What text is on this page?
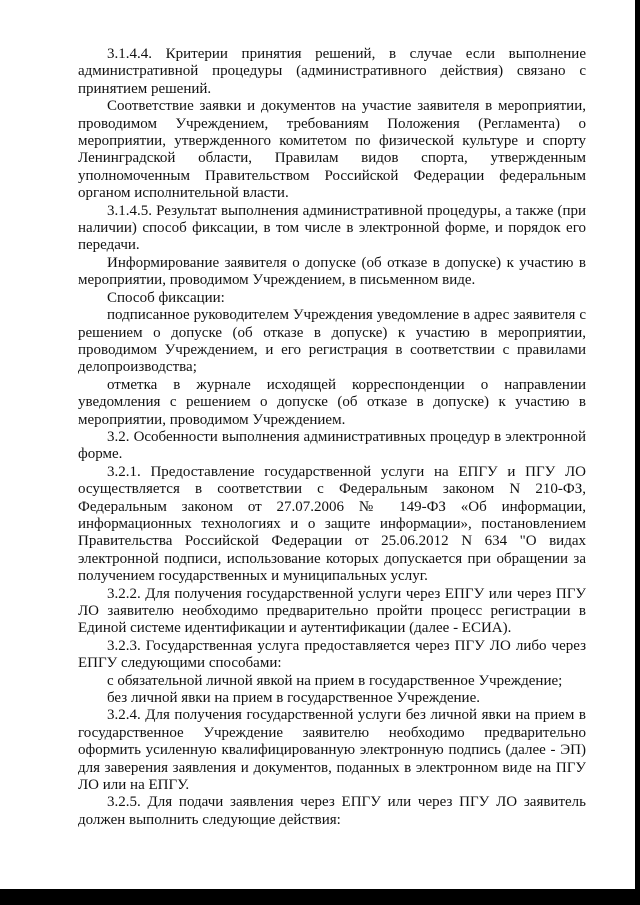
3.1.4.4. Критерии принятия решений, в случае если выполнение административной процедуры (административного действия) связано с принятием решений.

Соответствие заявки и документов на участие заявителя в мероприятии, проводимом Учреждением, требованиям Положения (Регламента) о мероприятии, утвержденного комитетом по физической культуре и спорту Ленинградской области, Правилам видов спорта, утвержденным уполномоченным Правительством Российской Федерации федеральным органом исполнительной власти.

3.1.4.5. Результат выполнения административной процедуры, а также (при наличии) способ фиксации, в том числе в электронной форме, и порядок его передачи.

Информирование заявителя о допуске (об отказе в допуске) к участию в мероприятии, проводимом Учреждением, в письменном виде.

Способ фиксации:

подписанное руководителем Учреждения уведомление в адрес заявителя с решением о допуске (об отказе в допуске) к участию в мероприятии, проводимом Учреждением, и его регистрация в соответствии с правилами делопроизводства;

отметка в журнале исходящей корреспонденции о направлении уведомления с решением о допуске (об отказе в допуске) к участию в мероприятии, проводимом Учреждением.

3.2. Особенности выполнения административных процедур в электронной форме.

3.2.1. Предоставление государственной услуги на ЕПГУ и ПГУ ЛО осуществляется в соответствии с Федеральным законом N 210-ФЗ, Федеральным законом от 27.07.2006 № 149-ФЗ «Об информации, информационных технологиях и о защите информации», постановлением Правительства Российской Федерации от 25.06.2012 N 634 "О видах электронной подписи, использование которых допускается при обращении за получением государственных и муниципальных услуг.

3.2.2. Для получения государственной услуги через ЕПГУ или через ПГУ ЛО заявителю необходимо предварительно пройти процесс регистрации в Единой системе идентификации и аутентификации (далее - ЕСИА).

3.2.3. Государственная услуга предоставляется через ПГУ ЛО либо через ЕПГУ следующими способами:

с обязательной личной явкой на прием в государственное Учреждение;

без личной явки на прием в государственное Учреждение.

3.2.4. Для получения государственной услуги без личной явки на прием в государственное Учреждение заявителю необходимо предварительно оформить усиленную квалифицированную электронную подпись (далее - ЭП) для заверения заявления и документов, поданных в электронном виде на ПГУ ЛО или на ЕПГУ.

3.2.5. Для подачи заявления через ЕПГУ или через ПГУ ЛО заявитель должен выполнить следующие действия:
